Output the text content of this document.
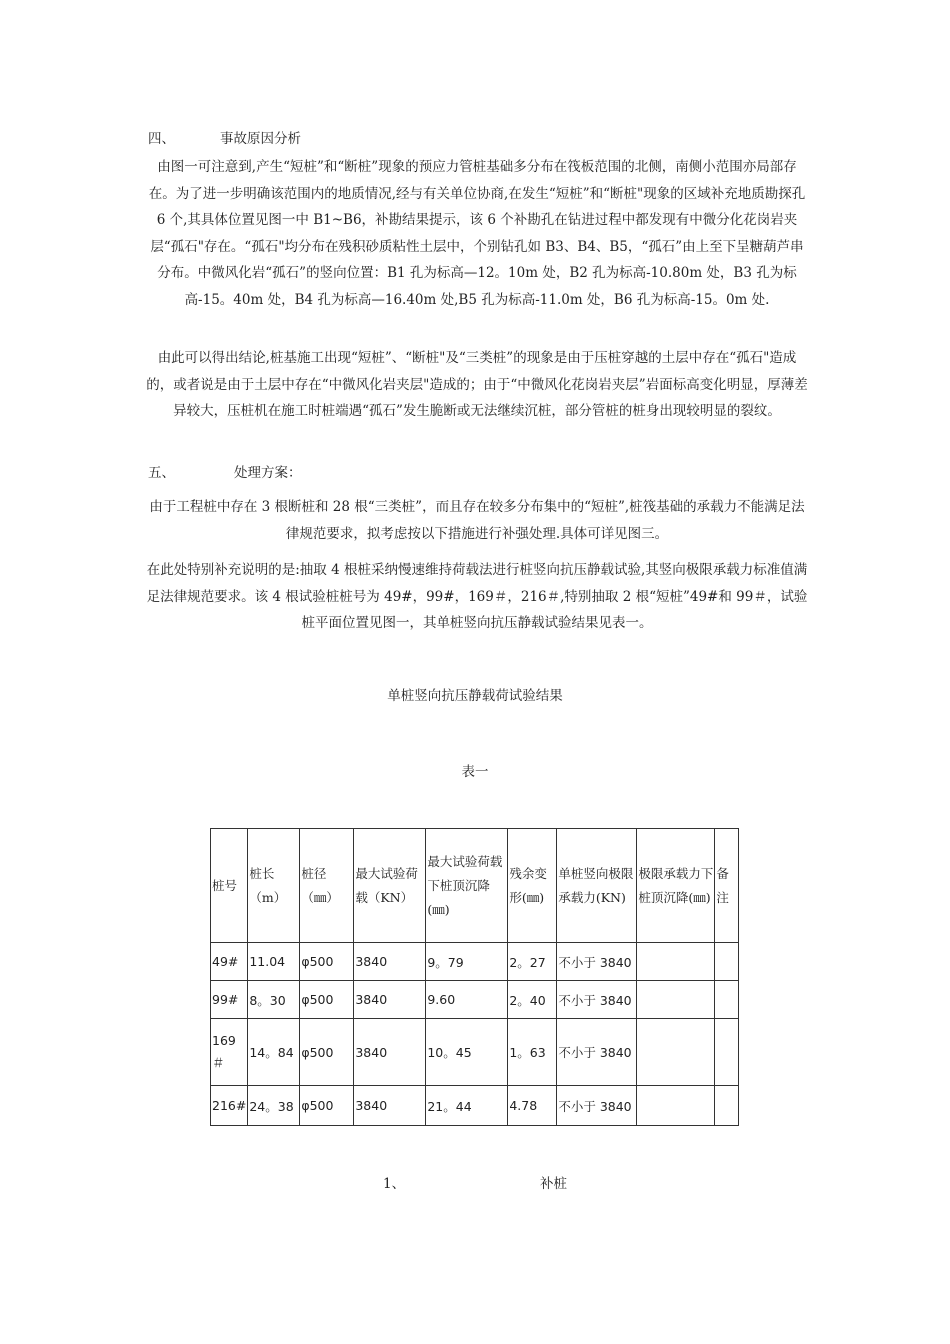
四、	事故原因分析

由图一可注意到,产生“短桩”和“断桩”现象的预应力管桩基础多分布在筏板范围的北侧，南侧小范围亦局部存在。为了进一步明确该范围内的地质情况,经与有关单位协商,在发生“短桩”和“断桩"现象的区域补充地质勘探孔 6 个,其具体位置见图一中 B1~B6，补勘结果提示，该 6 个补勘孔在钻进过程中都发现有中微分化花岗岩夹层“孤石"存在。“孤石"均分布在残积砂质粘性土层中，个别钻孔如 B3、B4、B5，“孤石”由上至下呈糖葫芦串分布。中微风化岩“孤石”的竖向位置：B1 孔为标高—12。10m 处，B2 孔为标高-10.80m 处，B3 孔为标高-15。40m 处，B4 孔为标高—16.40m 处,B5 孔为标高-11.0m 处，B6 孔为标高-15。0m 处.

由此可以得出结论,桩基施工出现“短桩”、“断桩"及“三类桩”的现象是由于压桩穿越的土层中存在“孤石"造成的，或者说是由于土层中存在“中微风化岩夹层"造成的；由于“中微风化花岗岩夹层”岩面标高变化明显，厚薄差异较大，压桩机在施工时桩端遇“孤石”发生脆断或无法继续沉桩，部分管桩的桩身出现较明显的裂纹。

五、	处理方案：

由于工程桩中存在 3 根断桩和 28 根“三类桩”，而且存在较多分布集中的“短桩”,桩筏基础的承载力不能满足法律规范要求，拟考虑按以下措施进行补强处理.具体可详见图三。

在此处特别补充说明的是:抽取 4 根桩采纳慢速维持荷载法进行桩竖向抗压静载试验,其竖向极限承载力标准值满足法律规范要求。该 4 根试验桩桩号为 49#，99#，169＃，216＃,特别抽取 2 根“短桩”49#和 99＃，试验桩平面位置见图一，其单桩竖向抗压静载试验结果见表一。

单桩竖向抗压静载荷试验结果
表一
桩号	桩长（m）	桩径（㎜）	最大试验荷载（KN）	最大试验荷载下桩顶沉降(㎜)	残余变形(㎜)	单桩竖向极限承载力(KN)	极限承载力下桩顶沉降(㎜)	备注
49#	11.04	φ500	3840	9。79	2。27	不小于 3840		
99#	8。30	φ500	3840	9.60	2。40	不小于 3840		
169＃	14。84	φ500	3840	10。45	1。63	不小于 3840		
216#	24。38	φ500	3840	21。44	4.78	不小于 3840		
1、	补桩
